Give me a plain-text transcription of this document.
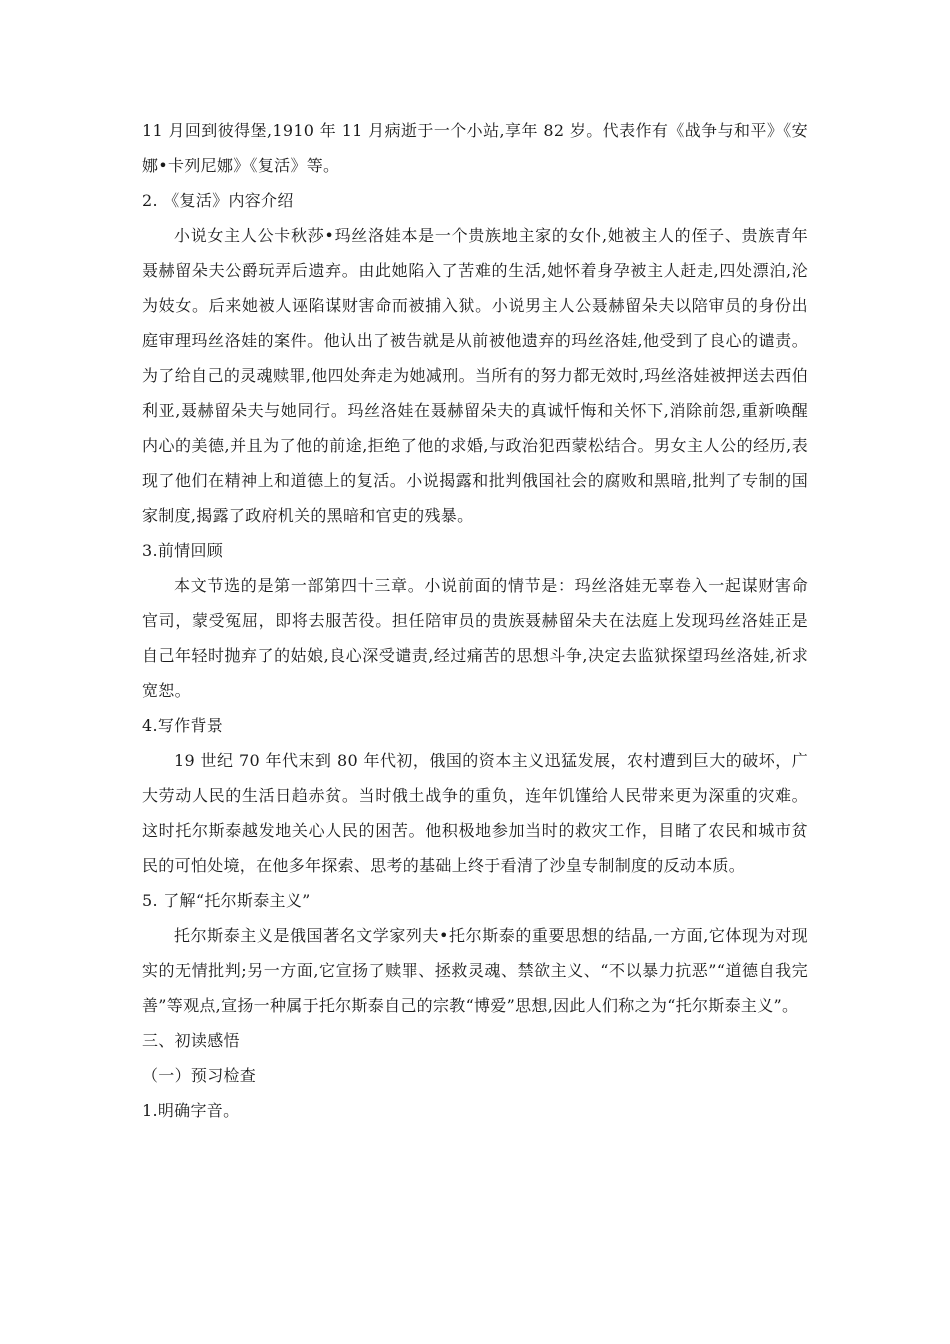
11 月回到彼得堡,1910 年 11 月病逝于一个小站,享年 82 岁。代表作有《战争与和平》《安娜•卡列尼娜》《复活》等。

2. 《复活》内容介绍

小说女主人公卡秋莎•玛丝洛娃本是一个贵族地主家的女仆,她被主人的侄子、贵族青年聂赫留朵夫公爵玩弄后遗弃。由此她陷入了苦难的生活,她怀着身孕被主人赶走,四处漂泊,沦为妓女。后来她被人诬陷谋财害命而被捕入狱。小说男主人公聂赫留朵夫以陪审员的身份出庭审理玛丝洛娃的案件。他认出了被告就是从前被他遗弃的玛丝洛娃,他受到了良心的谴责。为了给自己的灵魂赎罪,他四处奔走为她减刑。当所有的努力都无效时,玛丝洛娃被押送去西伯利亚,聂赫留朵夫与她同行。玛丝洛娃在聂赫留朵夫的真诚忏悔和关怀下,消除前怨,重新唤醒内心的美德,并且为了他的前途,拒绝了他的求婚,与政治犯西蒙松结合。男女主人公的经历,表现了他们在精神上和道德上的复活。小说揭露和批判俄国社会的腐败和黑暗,批判了专制的国家制度,揭露了政府机关的黑暗和官吏的残暴。

3.前情回顾

本文节选的是第一部第四十三章。小说前面的情节是：玛丝洛娃无辜卷入一起谋财害命官司，蒙受冤屈，即将去服苦役。担任陪审员的贵族聂赫留朵夫在法庭上发现玛丝洛娃正是自己年轻时抛弃了的姑娘,良心深受谴责,经过痛苦的思想斗争,决定去监狱探望玛丝洛娃,祈求宽恕。

4.写作背景

19 世纪 70 年代末到 80 年代初，俄国的资本主义迅猛发展，农村遭到巨大的破坏，广大劳动人民的生活日趋赤贫。当时俄土战争的重负，连年饥馑给人民带来更为深重的灾难。这时托尔斯泰越发地关心人民的困苦。他积极地参加当时的救灾工作，目睹了农民和城市贫民的可怕处境，在他多年探索、思考的基础上终于看清了沙皇专制制度的反动本质。

5. 了解“托尔斯泰主义”

托尔斯泰主义是俄国著名文学家列夫•托尔斯泰的重要思想的结晶,一方面,它体现为对现实的无情批判;另一方面,它宣扬了赎罪、拯救灵魂、禁欲主义、“不以暴力抗恶”“道德自我完善”等观点,宣扬一种属于托尔斯泰自己的宗教“博爱”思想,因此人们称之为“托尔斯泰主义”。

三、初读感悟

（一）预习检查

1.明确字音。
